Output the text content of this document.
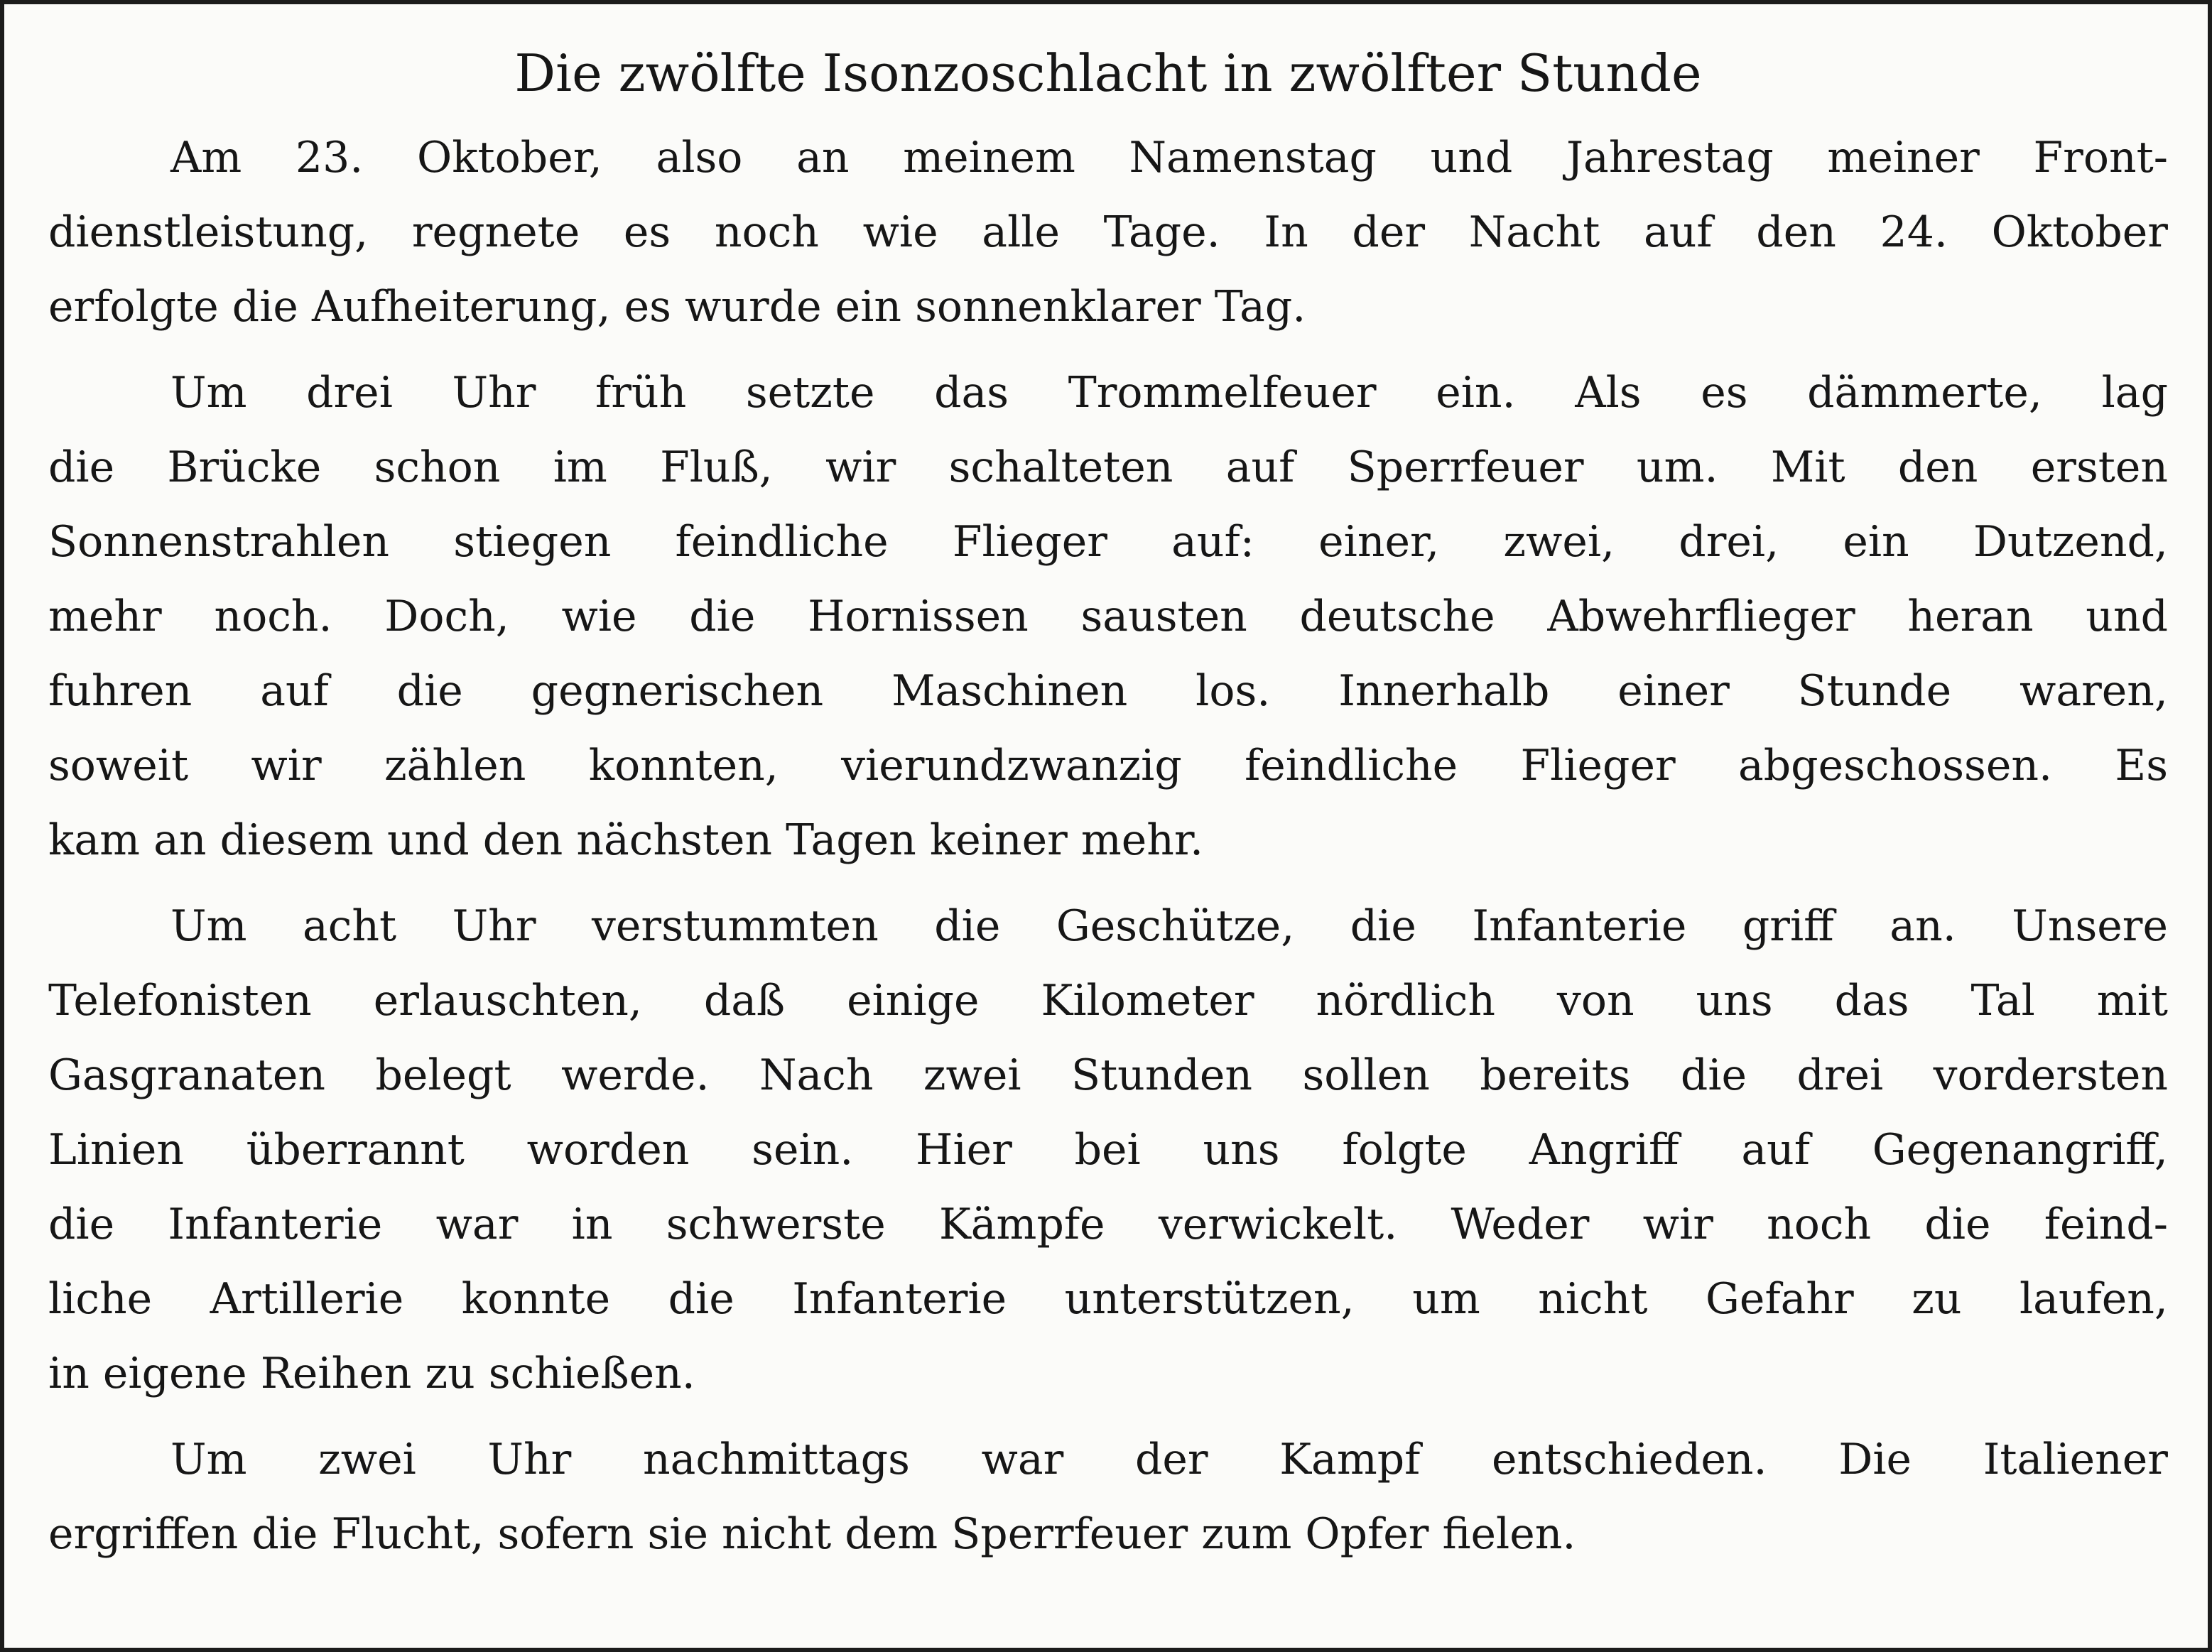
Die zwölfte Isonzoschlacht in zwölfter Stunde

Am 23. Oktober, also an meinem Namenstag und Jahrestag meiner Front-
dienstleistung, regnete es noch wie alle Tage. In der Nacht auf den 24. Oktober
erfolgte die Aufheiterung, es wurde ein sonnenklarer Tag.

Um drei Uhr früh setzte das Trommelfeuer ein. Als es dämmerte, lag
die Brücke schon im Fluß, wir schalteten auf Sperrfeuer um. Mit den ersten
Sonnenstrahlen stiegen feindliche Flieger auf: einer, zwei, drei, ein Dutzend,
mehr noch. Doch, wie die Hornissen sausten deutsche Abwehrflieger heran und
fuhren auf die gegnerischen Maschinen los. Innerhalb einer Stunde waren,
soweit wir zählen konnten, vierundzwanzig feindliche Flieger abgeschossen. Es
kam an diesem und den nächsten Tagen keiner mehr.

Um acht Uhr verstummten die Geschütze, die Infanterie griff an. Unsere
Telefonisten erlauschten, daß einige Kilometer nördlich von uns das Tal mit
Gasgranaten belegt werde. Nach zwei Stunden sollen bereits die drei vordersten
Linien überrannt worden sein. Hier bei uns folgte Angriff auf Gegenangriff,
die Infanterie war in schwerste Kämpfe verwickelt. Weder wir noch die feind-
liche Artillerie konnte die Infanterie unterstützen, um nicht Gefahr zu laufen,
in eigene Reihen zu schießen.

Um zwei Uhr nachmittags war der Kampf entschieden. Die Italiener
ergriffen die Flucht, sofern sie nicht dem Sperrfeuer zum Opfer fielen.
